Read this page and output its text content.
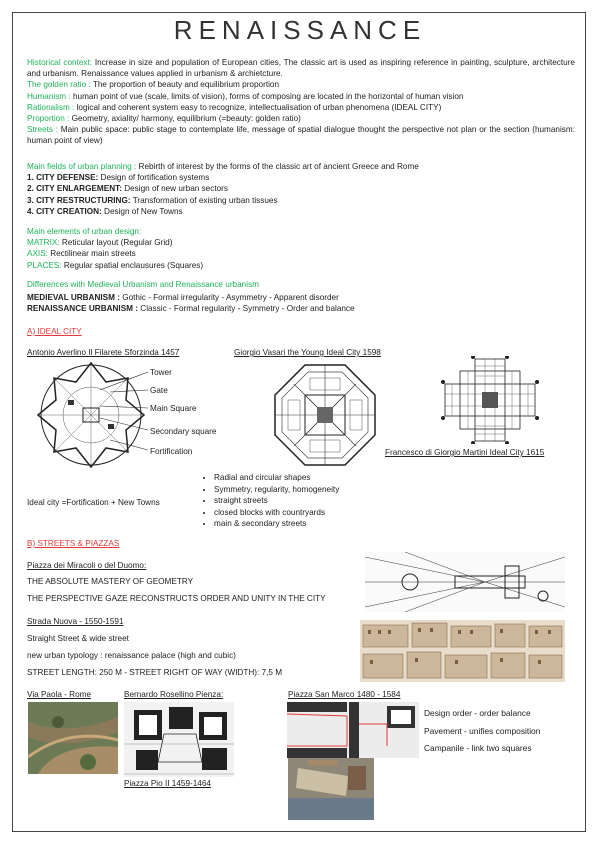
RENAISSANCE
Historical context: Increase in size and population of European cities, The classic art is used as inspiring reference in painting, sculpture, architecture and urbanism. Renaissance values applied in urbanism & archietcture.
The golden ratio : The proportion of beauty and equilibrium proportion
Humanism : human point of vue (scale, limits of vision), forms of composing are located in the horizontal of human vision
Rationalism : logical and coherent system easy to recognize, intellectualisation of urban phenomena (IDEAL CITY)
Proportion : Geometry, axiality/ harmony, equilibrium (=beauty: golden ratio)
Streets : Main public space: public stage to contemplate life, message of spatial dialogue thought the perspective not plan or the section (humanism: human point of view)
Main fields of urban planning : Rebirth of interest by the forms of the classic art of ancient Greece and Rome
1. CITY DEFENSE: Design of fortification systems
2. CITY ENLARGEMENT: Design of new urban sectors
3. CITY RESTRUCTURING: Transformation of existing urban tissues
4. CITY CREATION: Design of New Towns
Main elements of urban design:
MATRIX: Reticular layout (Regular Grid)
AXIS: Rectilinear main streets
PLACES: Regular spatial enclausures (Squares)
Differences with Medieval Urbanism and Renaissance urbanism
MEDIEVAL URBANISM : Gothic - Formal irregularity - Asymmetry - Apparent disorder
RENAISSANCE URBANISM : Classic - Formal regularity - Symmetry - Order and balance
A) IDEAL CITY
Antonio Averlino Il Filarete Sforzinda 1457	Giorgio Vasari the Young Ideal City 1598
Francesco di Giorgio Martini Ideal City 1615
Tower
Gate
Main Square
Secondary square
Fortification
Ideal city =Fortification + New Towns
• Radial and circular shapes
• Symmetry, regularity, homogeneity
• straight streets
• closed blocks with countryards
• main & secondary streets
B) STREETS & PIAZZAS
Piazza dei Miracoli o del Duomo:
THE ABSOLUTE MASTERY OF GEOMETRY
THE PERSPECTIVE GAZE RECONSTRUCTS ORDER AND UNITY IN THE CITY
Strada Nuova - 1550-1591
Straight Street & wide street
new urban typology : renaissance palace (high and cubic)
STREET LENGTH: 250 M - STREET RIGHT OF WAY (WIDTH): 7,5 M
Via Paola - Rome	Bernardo Rosellino Pienza:
Piazza Pio II 1459-1464
Piazza San Marco 1480 - 1584
Design order - order balance
Pavement - unifies composition
Campanile - link two squares
